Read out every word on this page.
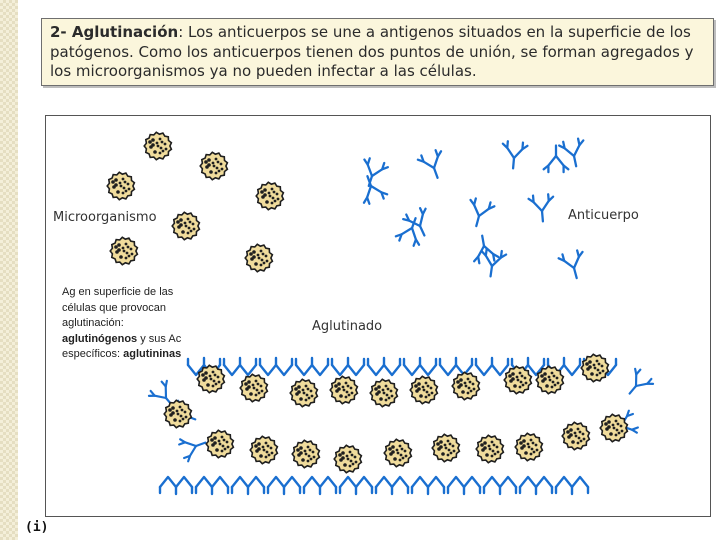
2- Aglutinación: Los anticuerpos se une a antigenos situados en la superficie de los patógenos. Como los anticuerpos tienen dos puntos de unión, se forman agregados y los microorganismos ya no pueden infectar a las células.
Microorganismo	Anticuerpo
Aglutinado
Ag en superficie de las
células que provocan
aglutinación:
aglutinógenos y sus Ac
específicos: aglutininas
(i)
